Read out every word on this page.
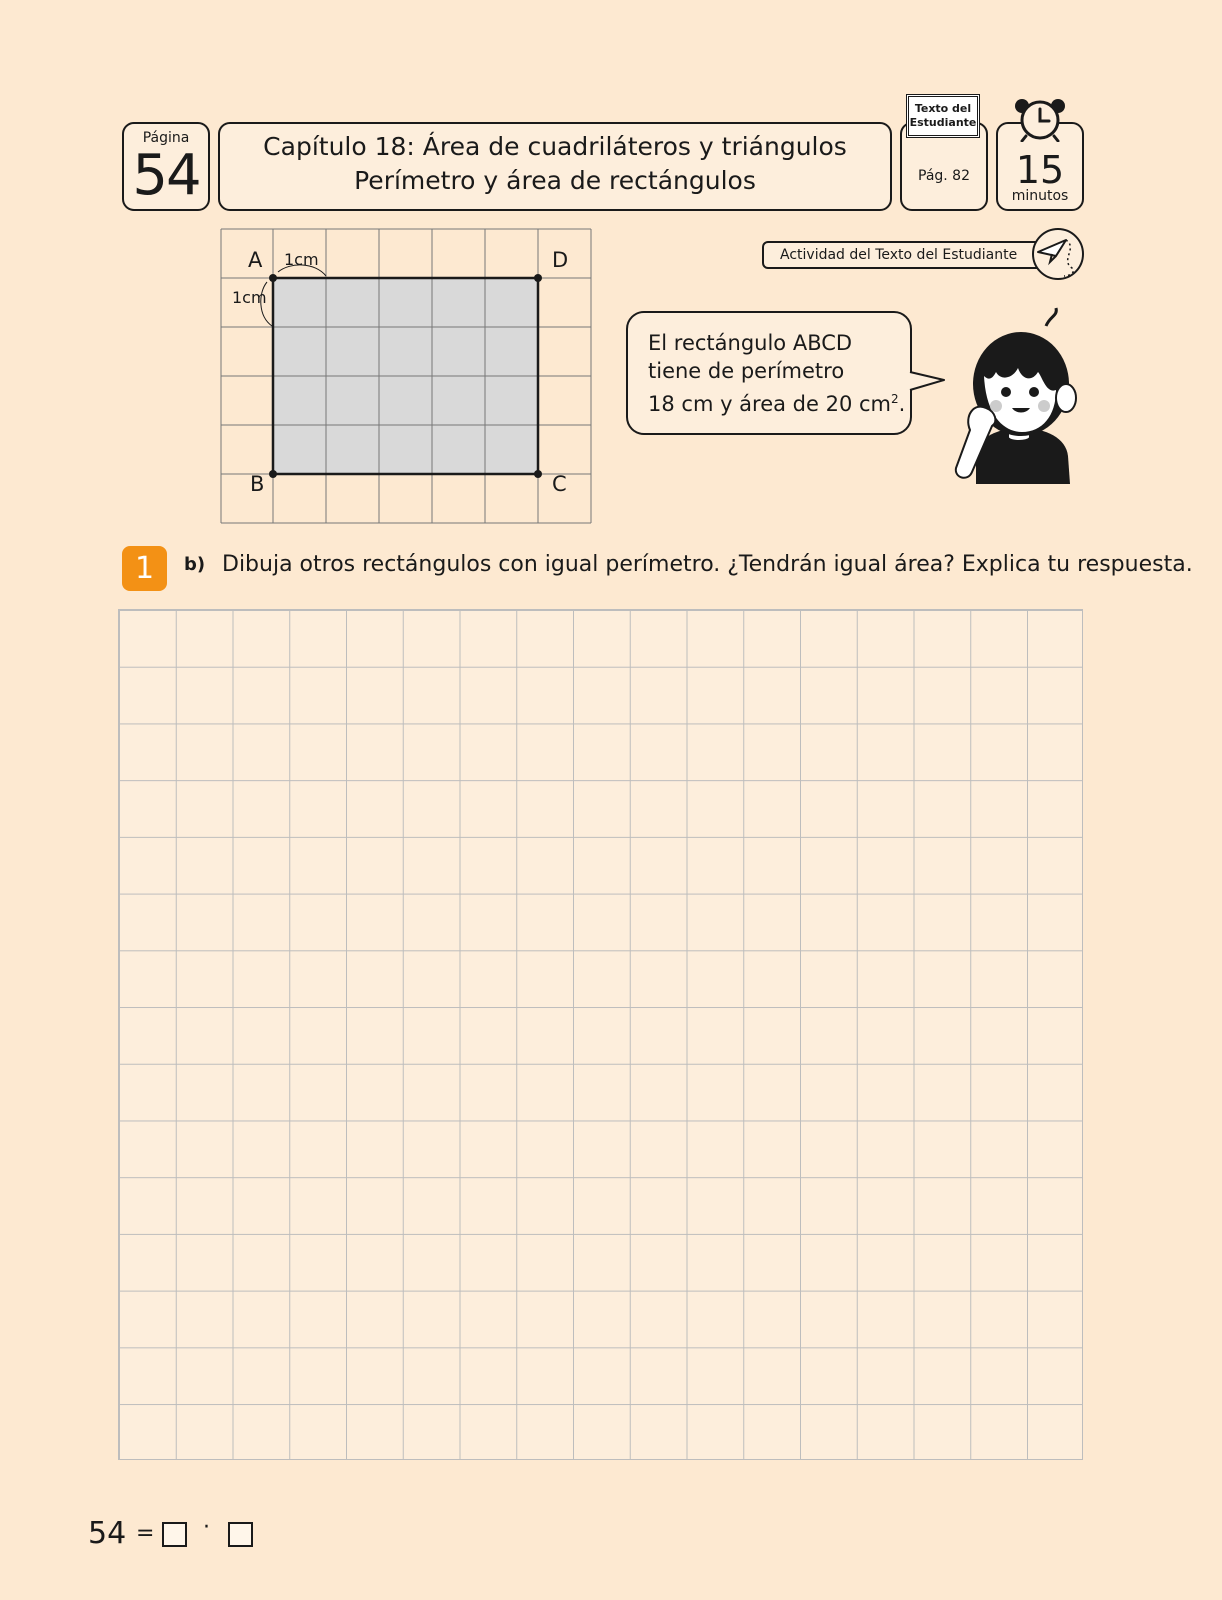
Página
54	Capítulo 18: Área de cuadriláteros y triángulos
Perímetro y área de rectángulos	Pág. 82
Texto del
Estudiante
15
minutos
Actividad del Texto del Estudiante
A	D
B	C
1cm
1cm
El rectángulo ABCD
tiene de perímetro
18 cm y área de 20 $cm^2$.
1	b) Dibuja otros rectángulos con igual perímetro. ¿Tendrán igual área? Explica tu respuesta.
54 = ·
